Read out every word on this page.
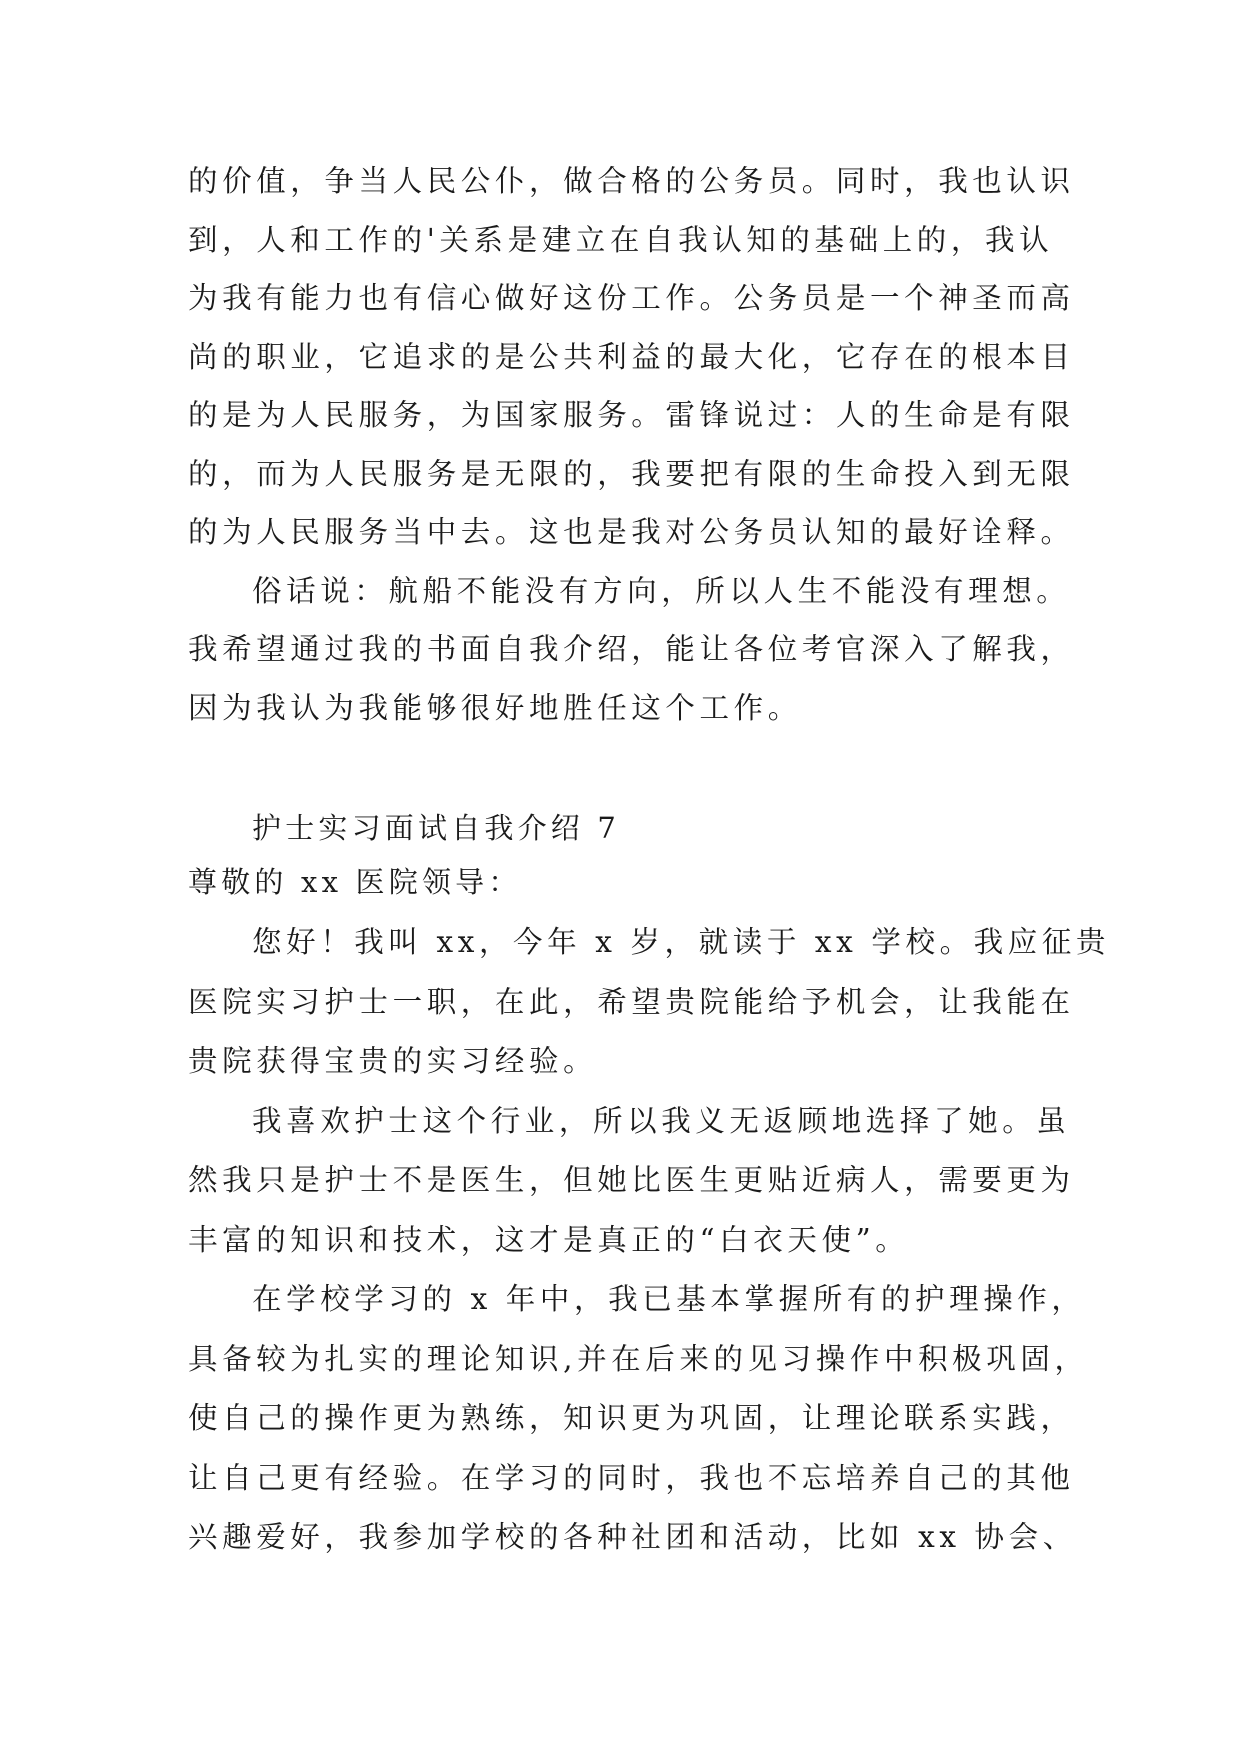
的价值，争当人民公仆，做合格的公务员。同时，我也认识
到，人和工作的'关系是建立在自我认知的基础上的，我认
为我有能力也有信心做好这份工作。公务员是一个神圣而高
尚的职业，它追求的是公共利益的最大化，它存在的根本目
的是为人民服务，为国家服务。雷锋说过：人的生命是有限
的，而为人民服务是无限的，我要把有限的生命投入到无限
的为人民服务当中去。这也是我对公务员认知的最好诠释。
俗话说：航船不能没有方向，所以人生不能没有理想。
我希望通过我的书面自我介绍，能让各位考官深入了解我，
因为我认为我能够很好地胜任这个工作。
护士实习面试自我介绍 7
尊敬的 xx 医院领导：
您好！我叫 xx，今年 x 岁，就读于 xx 学校。我应征贵
医院实习护士一职，在此，希望贵院能给予机会，让我能在
贵院获得宝贵的实习经验。
我喜欢护士这个行业，所以我义无返顾地选择了她。虽
然我只是护士不是医生，但她比医生更贴近病人，需要更为
丰富的知识和技术，这才是真正的“白衣天使”。
在学校学习的 x 年中，我已基本掌握所有的护理操作，
具备较为扎实的理论知识,并在后来的见习操作中积极巩固，
使自己的操作更为熟练，知识更为巩固，让理论联系实践，
让自己更有经验。在学习的同时，我也不忘培养自己的其他
兴趣爱好，我参加学校的各种社团和活动，比如 xx 协会、
